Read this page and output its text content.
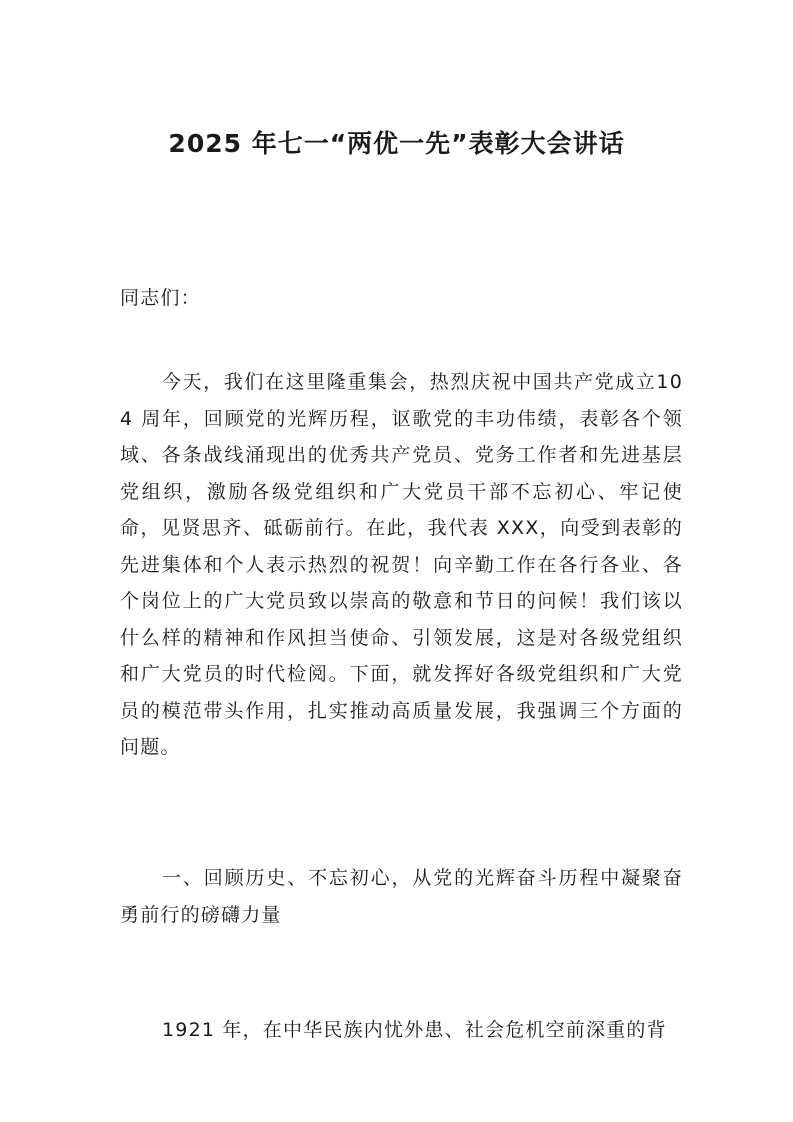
2025 年七一“两优一先”表彰大会讲话

同志们：

今天，我们在这里隆重集会，热烈庆祝中国共产党成立104 周年，回顾党的光辉历程，讴歌党的丰功伟绩，表彰各个领域、各条战线涌现出的优秀共产党员、党务工作者和先进基层党组织，激励各级党组织和广大党员干部不忘初心、牢记使命，见贤思齐、砥砺前行。在此，我代表 XXX，向受到表彰的先进集体和个人表示热烈的祝贺！向辛勤工作在各行各业、各个岗位上的广大党员致以崇高的敬意和节日的问候！我们该以什么样的精神和作风担当使命、引领发展，这是对各级党组织和广大党员的时代检阅。下面，就发挥好各级党组织和广大党员的模范带头作用，扎实推动高质量发展，我强调三个方面的问题。

一、回顾历史、不忘初心，从党的光辉奋斗历程中凝聚奋勇前行的磅礴力量

1921 年，在中华民族内忧外患、社会危机空前深重的背
